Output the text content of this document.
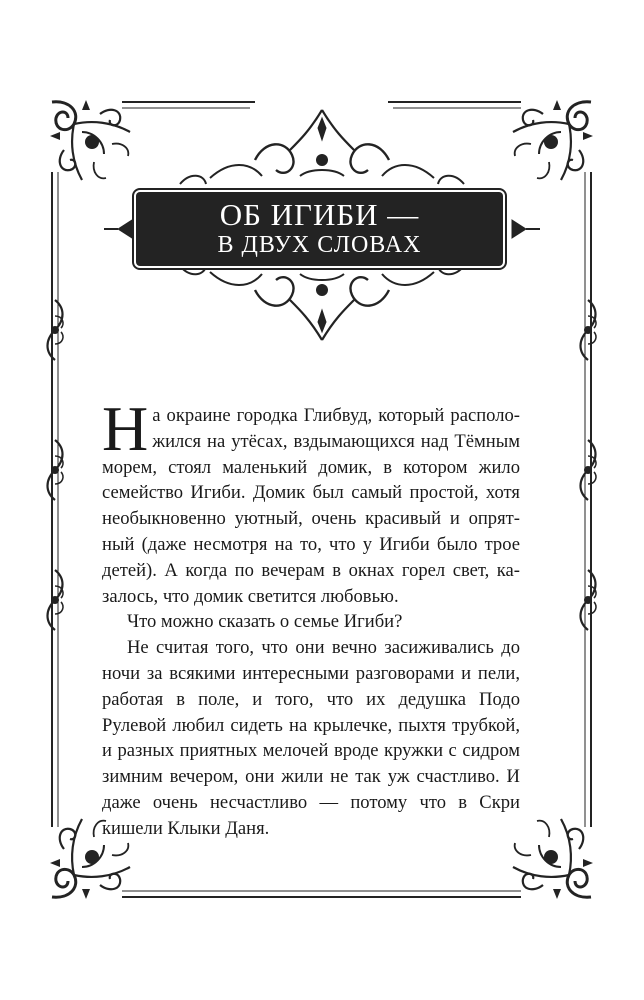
ОБ ИГИБИ —
В ДВУХ СЛОВАХ

На окраине городка Глибвуд, который расположился на утёсах, вздымающихся над Тёмным морем, стоял маленький домик, в котором жило семейство Игиби. Домик был самый простой, хотя необыкновенно уютный, очень красивый и опрятный (даже несмотря на то, что у Игиби было трое детей). А когда по вечерам в окнах горел свет, казалось, что домик светится любовью.

Что можно сказать о семье Игиби?

Не считая того, что они вечно засиживались до ночи за всякими интересными разговорами и пели, работая в поле, и того, что их дедушка Подо Рулевой любил сидеть на крылечке, пыхтя трубкой, и разных приятных мелочей вроде кружки с сидром зимним вечером, они жили не так уж счастливо. И даже очень несчастливо — потому что в Скри кишели Клыки Даня.
